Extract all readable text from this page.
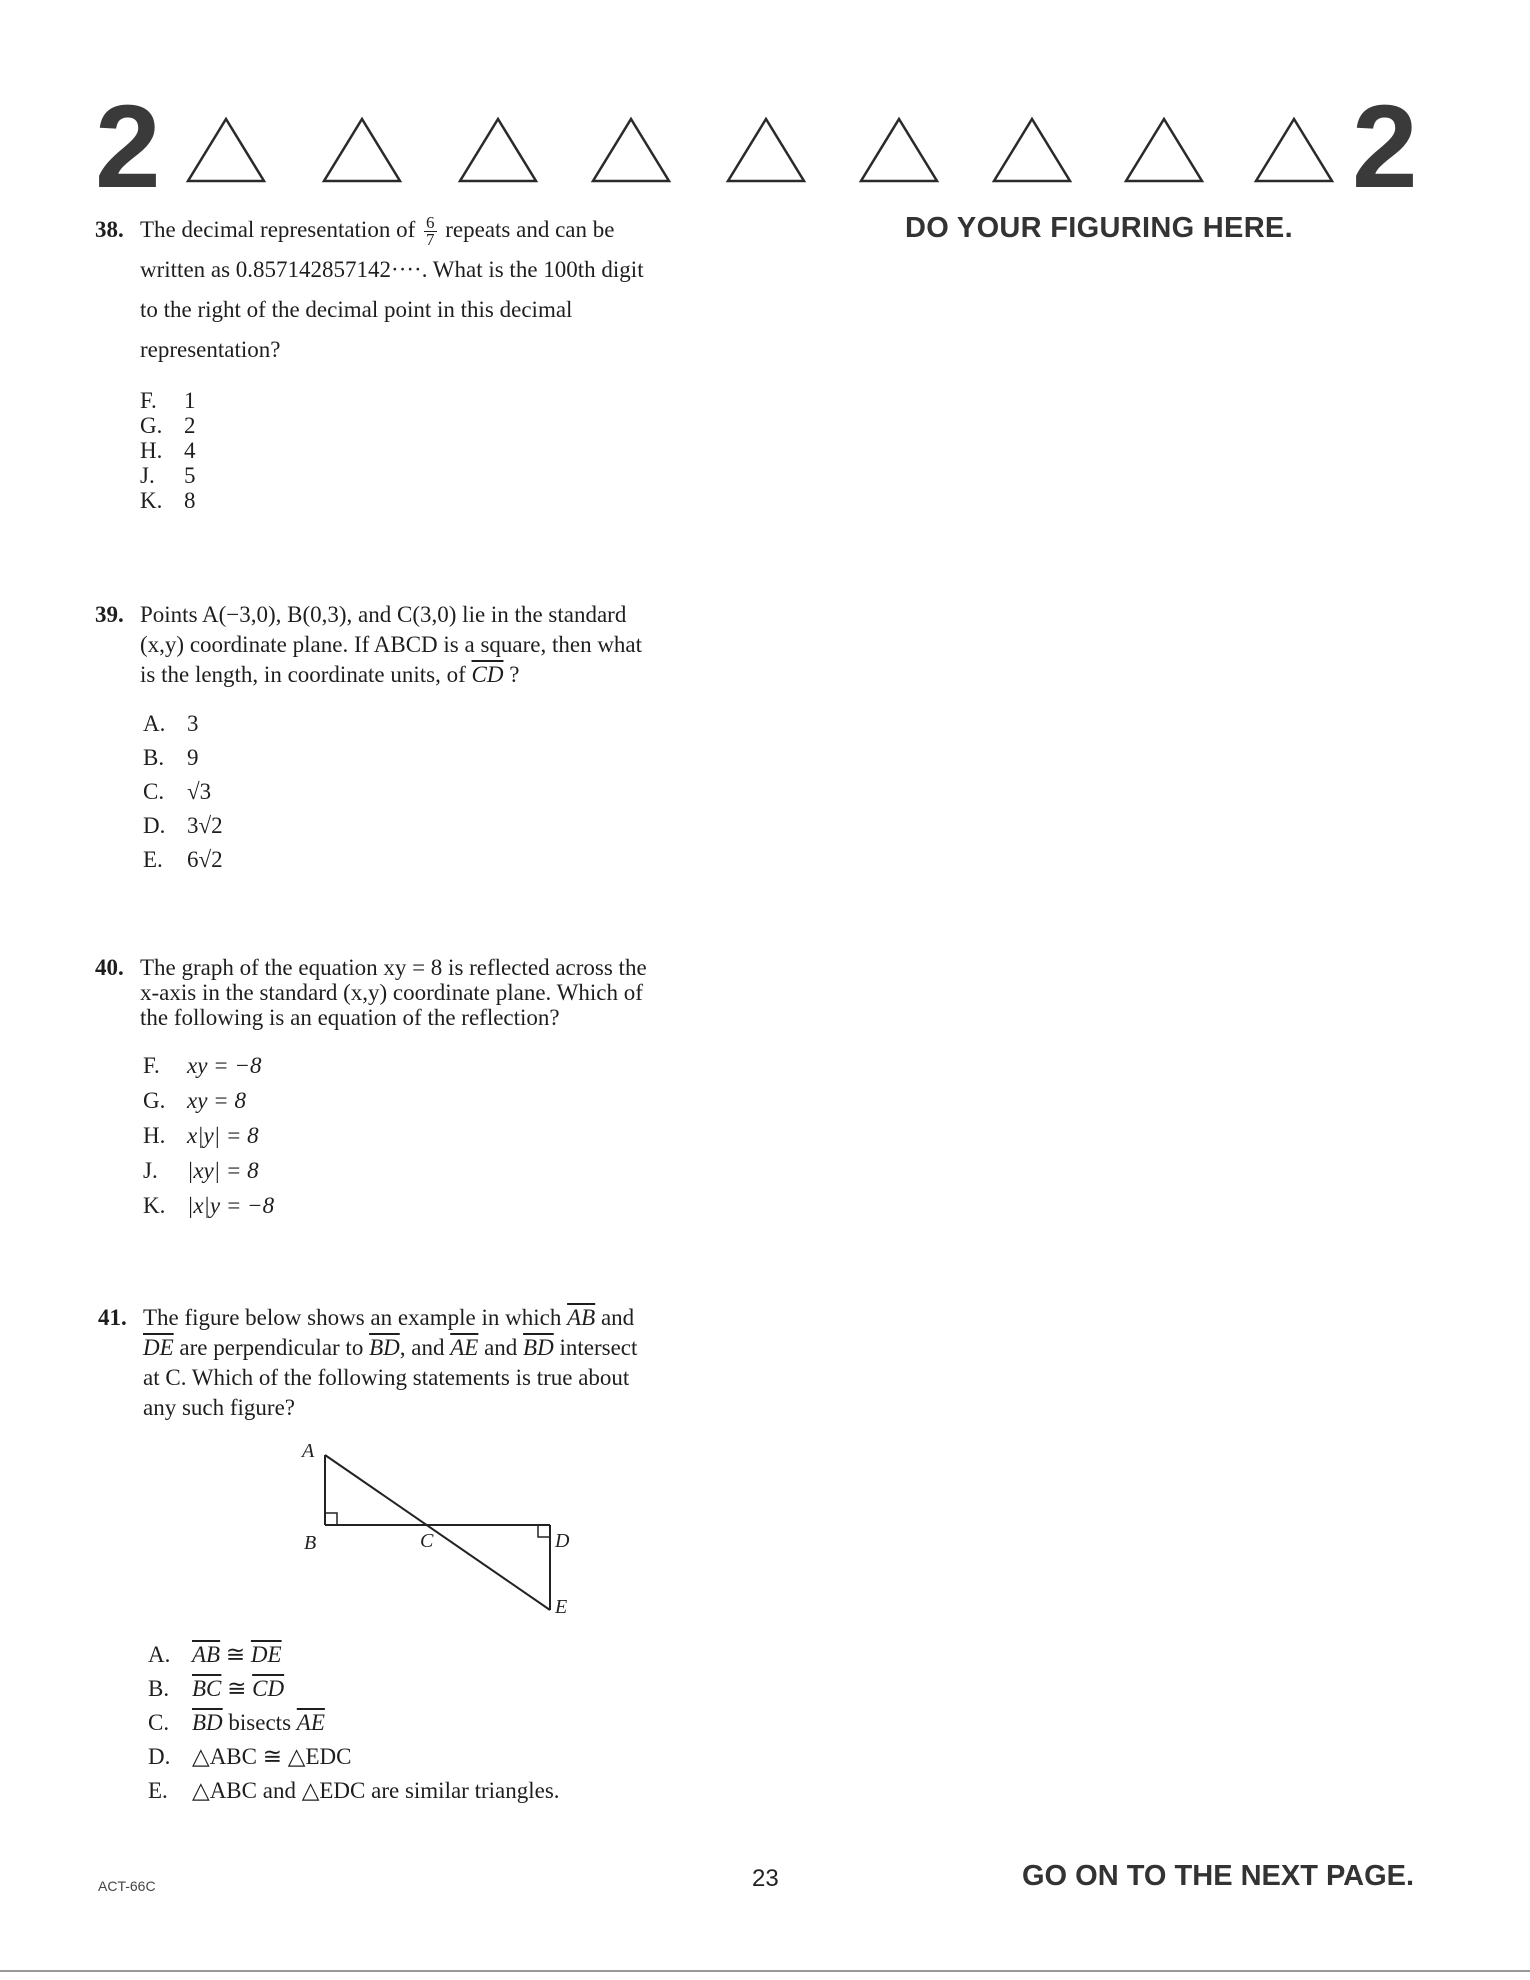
2	2
DO YOUR FIGURING HERE.
38. The decimal representation of $\frac{6}{7}$ repeats and can be
written as 0.857142857142····. What is the 100th digit
to the right of the decimal point in this decimal
representation?
F.	1
G. 2
H. 4
J.	5
K. 8
39. Points A(−3,0), B(0,3), and C(3,0) lie in the standard
(x,y) coordinate plane. If ABCD is a square, then what
is the length, in coordinate units, of $\overline{CD}$ ?
A. 3
B. 9
C. √3
D. 3√2
E.	6√2
40. The graph of the equation xy = 8 is reflected across the
x-axis in the standard (x,y) coordinate plane. Which of
the following is an equation of the reflection?
F.	xy = −8
G. xy = 8
H. x|y| = 8
J.	|xy| = 8
K. |x|y = −8
41. The figure below shows an example in which $\overline{AB}$ and
$\overline{DE}$ are perpendicular to $\overline{BD}$, and $\overline{AE}$ and $\overline{BD}$ intersect
at C. Which of the following statements is true about
any such figure?
A
B	C	D
E
A. $\overline{AB}$ ≅ $\overline{DE}$
B. $\overline{BC}$ ≅ $\overline{CD}$
C. $\overline{BD}$ bisects $\overline{AE}$
D. △ABC ≅ △EDC
E.	△ABC and △EDC are similar triangles.
ACT-66C	23	GO ON TO THE NEXT PAGE.
